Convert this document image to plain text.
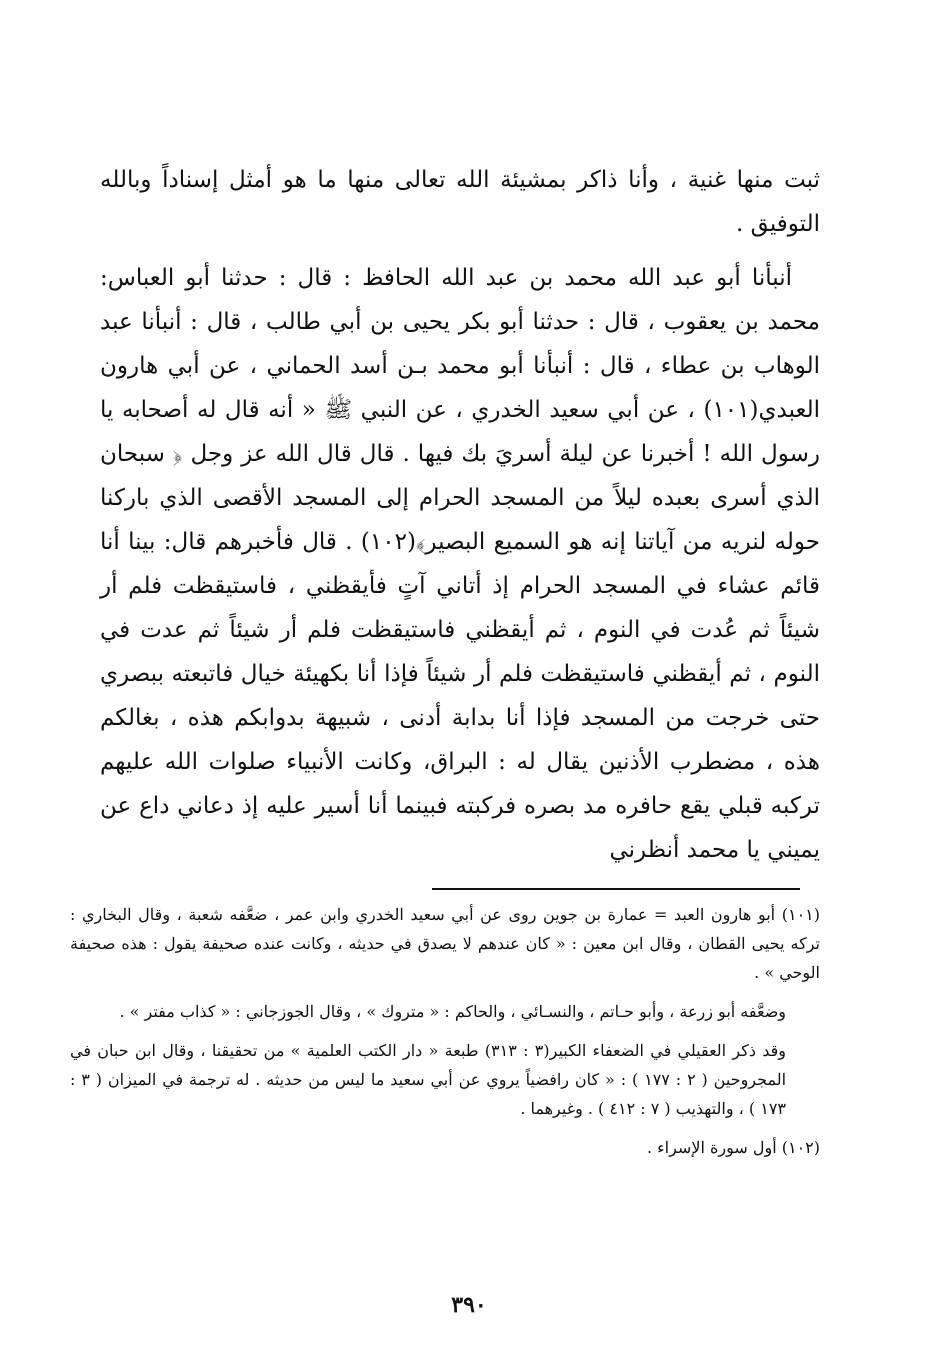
ثبت منها غنية ، وأنا ذاكر بمشيئة الله تعالى منها ما هو أمثل إسناداً وبالله التوفيق .

أنبأنا أبو عبد الله محمد بن عبد الله الحافظ : قال : حدثنا أبو العباس: محمد بن يعقوب ، قال : حدثنا أبو بكر يحيى بن أبي طالب ، قال : أنبأنا عبد الوهاب بن عطاء ، قال : أنبأنا أبو محمد بـن أسد الحماني ، عن أبي هارون العبدي(١٠١) ، عن أبي سعيد الخدري ، عن النبي ﷺ « أنه قال له أصحابه يا رسول الله ! أخبرنا عن ليلة أسريَ بك فيها . قال قال الله عز وجل ﴿ سبحان الذي أسرى بعبده ليلاً من المسجد الحرام إلى المسجد الأقصى الذي باركنا حوله لنريه من آياتنا إنه هو السميع البصير﴾(١٠٢) . قال فأخبرهم قال: بينا أنا قائم عشاء في المسجد الحرام إذ أتاني آتٍ فأيقظني ، فاستيقظت فلم أر شيئاً ثم عُدت في النوم ، ثم أيقظني فاستيقظت فلم أر شيئاً ثم عدت في النوم ، ثم أيقظني فاستيقظت فلم أر شيئاً فإذا أنا بكهيئة خيال فاتبعته ببصري حتى خرجت من المسجد فإذا أنا بدابة أدنى ، شبيهة بدوابكم هذه ، بغالكم هذه ، مضطرب الأذنين يقال له : البراق، وكانت الأنبياء صلوات الله عليهم تركبه قبلي يقع حافره مد بصره فركبته فبينما أنا أسير عليه إذ دعاني داع عن يميني يا محمد أنظرني

(١٠١) أبو هارون العبد = عمارة بن جوين روى عن أبي سعيد الخدري وابن عمر ، ضعَّفه شعبة ، وقال البخاري : تركه يحيى القطان ، وقال ابن معين : « كان عندهم لا يصدق في حديثه ، وكانت عنده صحيفة يقول : هذه صحيفة الوحي » .

وضعَّفه أبو زرعة ، وأبو حـاتم ، والنسـائي ، والحاكم : « متروك » ، وقال الجوزجاني : « كذاب مفتر » .

وقد ذكر العقيلي في الضعفاء الكبير(٣ : ٣١٣) طبعة « دار الكتب العلمية » من تحقيقنا ، وقال ابن حبان في المجروحين ( ٢ : ١٧٧ ) : « كان رافضياً يروي عن أبي سعيد ما ليس من حديثه . له ترجمة في الميزان ( ٣ : ١٧٣ ) ، والتهذيب ( ٧ : ٤١٢ ) . وغيرهما .

(١٠٢) أول سورة الإسراء .

٣٩٠
